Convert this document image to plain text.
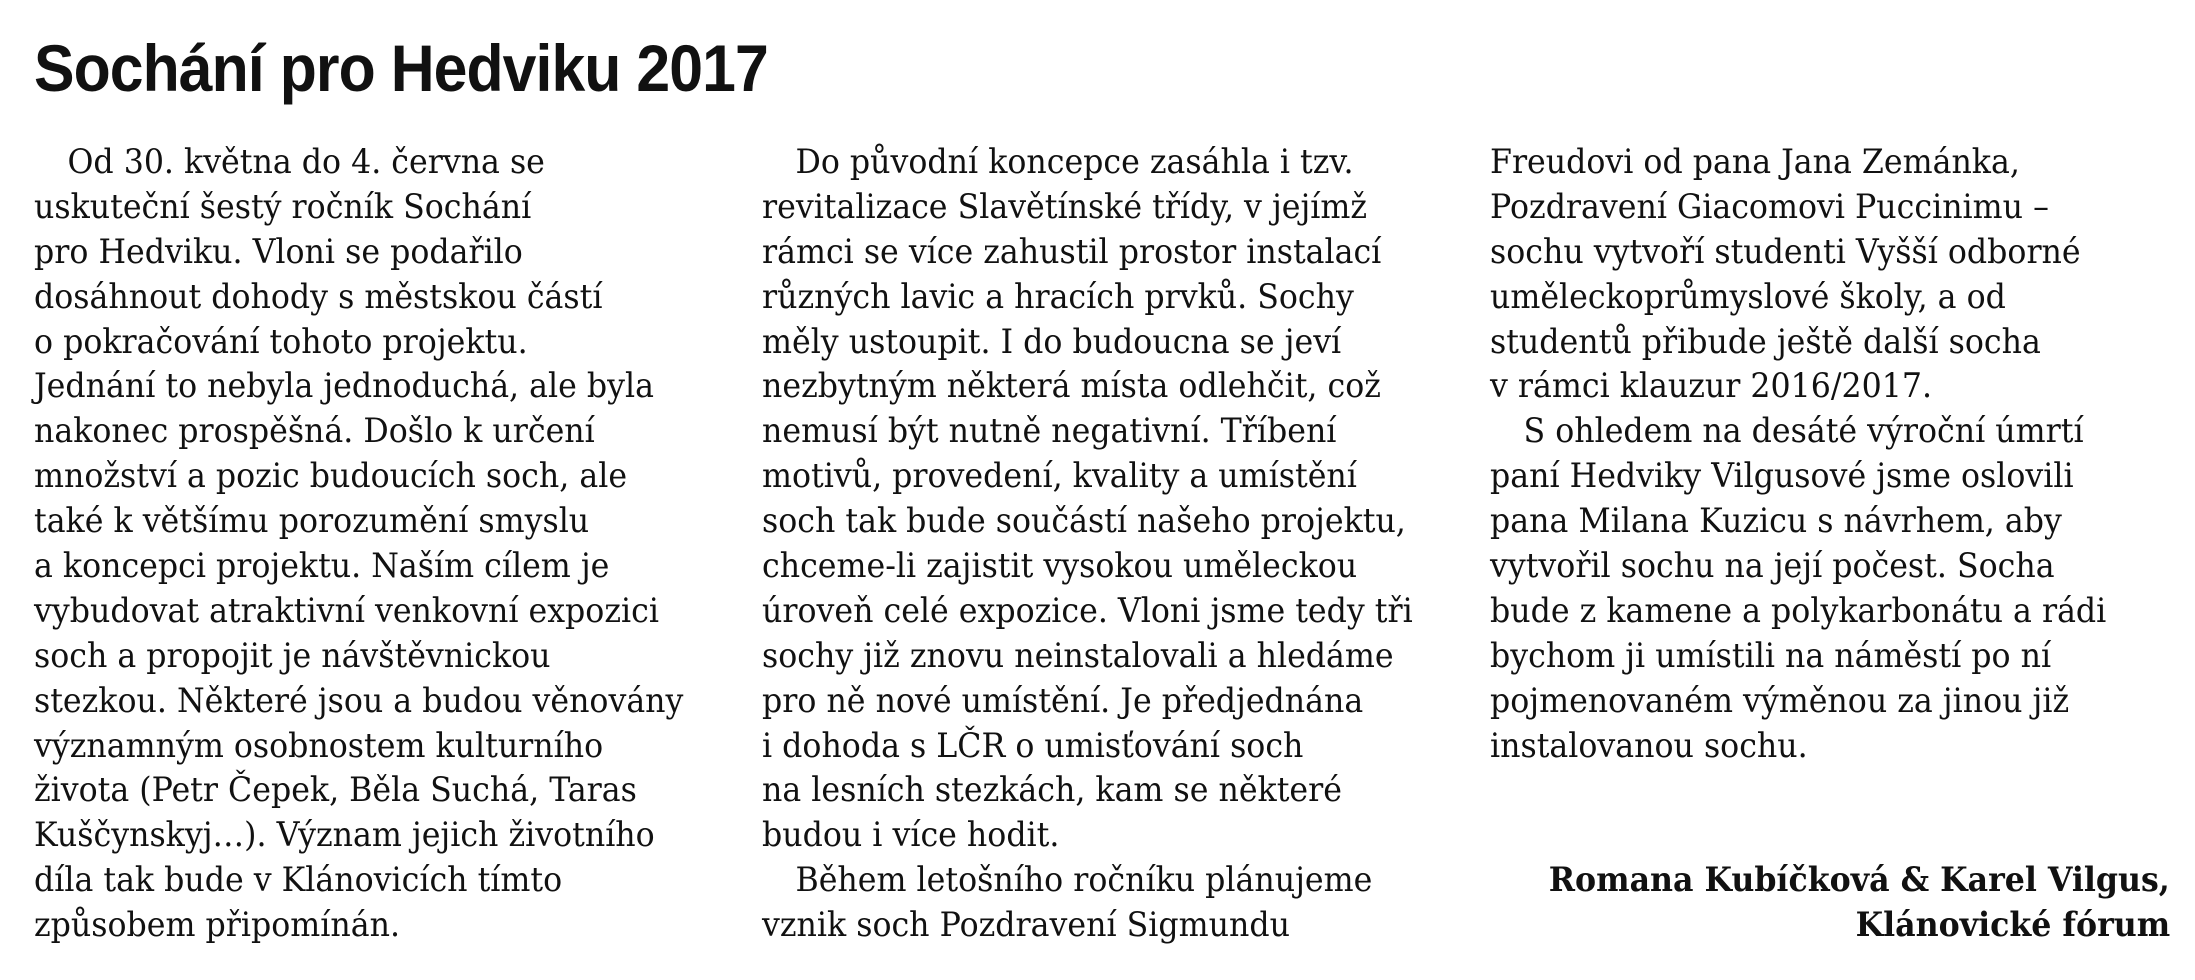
Sochání pro Hedviku 2017
Od 30. května do 4. června se
uskuteční šestý ročník Sochání
pro Hedviku. Vloni se podařilo
dosáhnout dohody s městskou částí
o pokračování tohoto projektu.
Jednání to nebyla jednoduchá, ale byla
nakonec prospěšná. Došlo k určení
množství a pozic budoucích soch, ale
také k většímu porozumění smyslu
a koncepci projektu. Naším cílem je
vybudovat atraktivní venkovní expozici
soch a propojit je návštěvnickou
stezkou. Některé jsou a budou věnovány
významným osobnostem kulturního
života (Petr Čepek, Běla Suchá, Taras
Kuščynskyj…). Význam jejich životního
díla tak bude v Klánovicích tímto
způsobem připomínán.
Do původní koncepce zasáhla i tzv.
revitalizace Slavětínské třídy, v jejímž
rámci se více zahustil prostor instalací
různých lavic a hracích prvků. Sochy
měly ustoupit. I do budoucna se jeví
nezbytným některá místa odlehčit, což
nemusí být nutně negativní. Tříbení
motivů, provedení, kvality a umístění
soch tak bude součástí našeho projektu,
chceme-li zajistit vysokou uměleckou
úroveň celé expozice. Vloni jsme tedy tři
sochy již znovu neinstalovali a hledáme
pro ně nové umístění. Je předjednána
i dohoda s LČR o umisťování soch
na lesních stezkách, kam se některé
budou i více hodit.
Během letošního ročníku plánujeme
vznik soch Pozdravení Sigmundu
Freudovi od pana Jana Zemánka,
Pozdravení Giacomovi Puccinimu –
sochu vytvoří studenti Vyšší odborné
uměleckoprůmyslové školy, a od
studentů přibude ještě další socha
v rámci klauzur 2016/2017.
S ohledem na desáté výroční úmrtí
paní Hedviky Vilgusové jsme oslovili
pana Milana Kuzicu s návrhem, aby
vytvořil sochu na její počest. Socha
bude z kamene a polykarbonátu a rádi
bychom ji umístili na náměstí po ní
pojmenovaném výměnou za jinou již
instalovanou sochu.
Romana Kubíčková & Karel Vilgus,
Klánovické fórum
